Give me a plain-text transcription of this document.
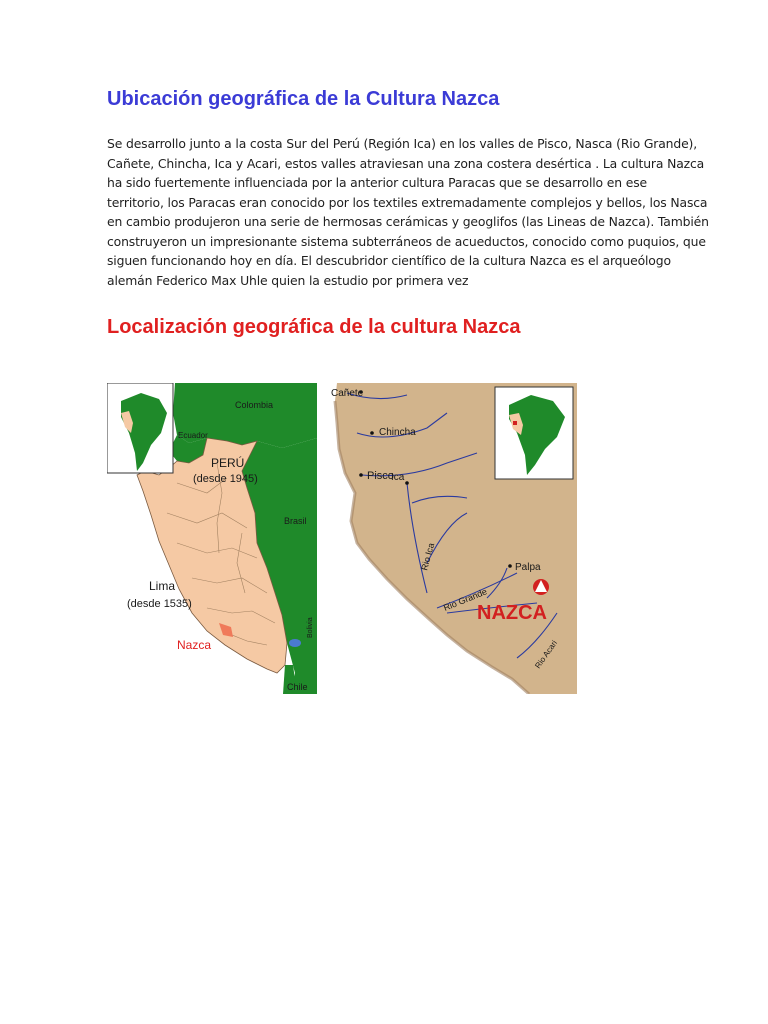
Ubicación geográfica de la Cultura Nazca
Se desarrollo junto a la costa Sur del Perú (Región Ica) en los valles de Pisco, Nasca (Rio Grande),
Cañete, Chincha, Ica y Acari, estos valles atraviesan una zona costera desértica . La cultura Nazca
ha sido fuertemente influenciada por la anterior cultura Paracas que se desarrollo en ese
territorio, los Paracas eran conocido por los textiles extremadamente complejos y bellos, los Nasca
en cambio produjeron una serie de hermosas cerámicas y geoglifos (las Lineas de Nazca). También
construyeron un impresionante sistema subterráneos de acueductos, conocido como puquios, que
siguen funcionando hoy en día. El descubridor científico de la cultura Nazca es el arqueólogo
alemán Federico Max Uhle quien la estudio por primera vez
Localización geográfica de la cultura Nazca
Colombia
Ecuador
PERÚ
(desde 1945)
Brasil
Lima
(desde 1535)
Nazca
Bolivia
Chile
Cañete
Chincha
Pisco
Ica
Rio Ica	Palpa
Rio Grande
NAZCA
Rio Acari
